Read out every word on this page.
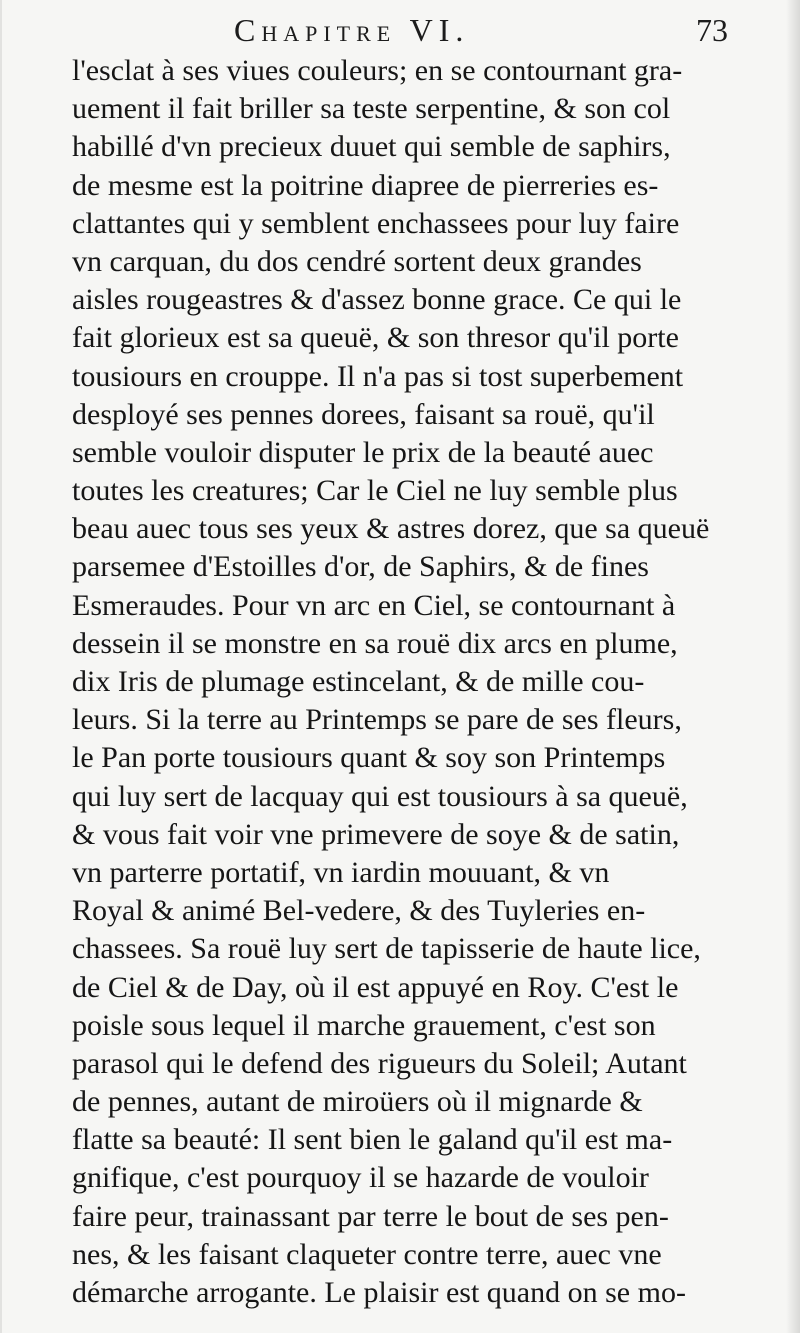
Chapitre VI.	73
l'esclat à ses viues couleurs; en se contournant gra-
uement il fait briller sa teste serpentine, & son col
habillé d'vn precieux duuet qui semble de saphirs,
de mesme est la poitrine diapree de pierreries es-
clattantes qui y semblent enchassees pour luy faire
vn carquan, du dos cendré sortent deux grandes
aisles rougeastres & d'assez bonne grace. Ce qui le
fait glorieux est sa queuë, & son thresor qu'il porte
tousiours en crouppe. Il n'a pas si tost superbement
desployé ses pennes dorees, faisant sa rouë, qu'il
semble vouloir disputer le prix de la beauté auec
toutes les creatures; Car le Ciel ne luy semble plus
beau auec tous ses yeux & astres dorez, que sa queuë
parsemee d'Estoilles d'or, de Saphirs, & de fines
Esmeraudes. Pour vn arc en Ciel, se contournant à
dessein il se monstre en sa rouë dix arcs en plume,
dix Iris de plumage estincelant, & de mille cou-
leurs. Si la terre au Printemps se pare de ses fleurs,
le Pan porte tousiours quant & soy son Printemps
qui luy sert de lacquay qui est tousiours à sa queuë,
& vous fait voir vne primevere de soye & de satin,
vn parterre portatif, vn iardin mouuant, & vn
Royal & animé Bel-vedere, & des Tuyleries en-
chassees. Sa rouë luy sert de tapisserie de haute lice,
de Ciel & de Day, où il est appuyé en Roy. C'est le
poisle sous lequel il marche grauement, c'est son
parasol qui le defend des rigueurs du Soleil; Autant
de pennes, autant de miroüers où il mignarde &
flatte sa beauté: Il sent bien le galand qu'il est ma-
gnifique, c'est pourquoy il se hazarde de vouloir
faire peur, trainassant par terre le bout de ses pen-
nes, & les faisant claqueter contre terre, auec vne
démarche arrogante. Le plaisir est quand on se mo-
